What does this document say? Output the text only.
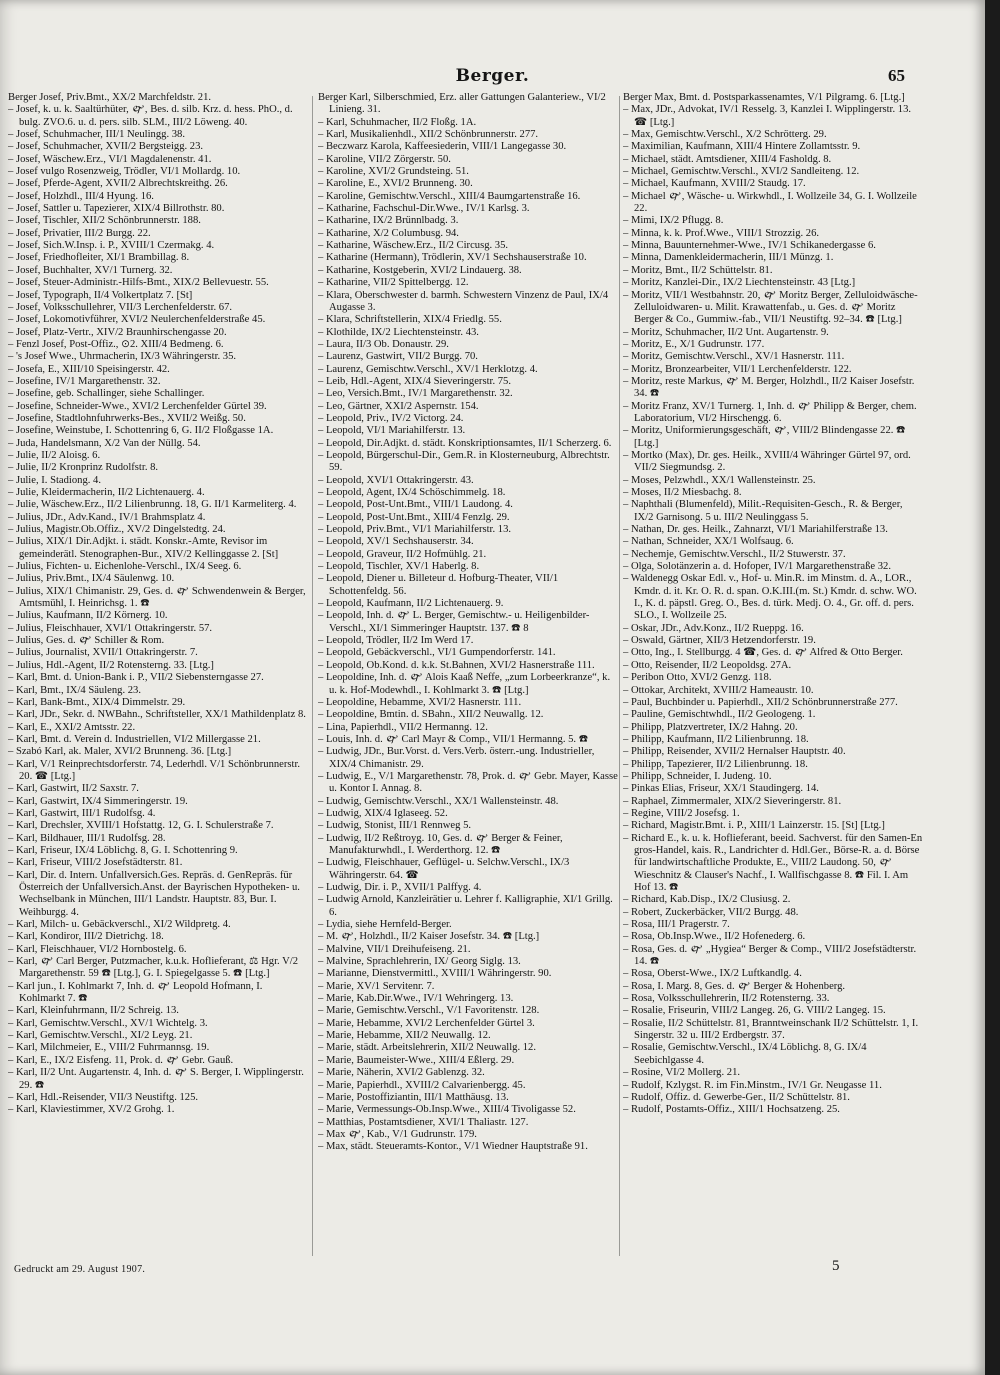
Berger.	65
Berger Josef, Priv.Bmt., XX/2 Marchfeldstr. 21.
– Josef, k. u. k. Saaltürhüter, 🙰, Bes. d. silb. Krz. d. hess. PhO., d. bulg. ZVO.6. u. d. pers. silb. SLM., III/2 Löweng. 40.
– Josef, Schuhmacher, III/1 Neulingg. 38.
– Josef, Schuhmacher, XVII/2 Bergsteigg. 23.
– Josef, Wäschew.Erz., VI/1 Magdalenenstr. 41.
– Josef vulgo Rosenzweig, Trödler, VI/1 Mollardg. 10.
– Josef, Pferde-Agent, XVII/2 Albrechtskreithg. 26.
– Josef, Holzhdl., III/4 Hyung. 16.
– Josef, Sattler u. Tapezierer, XIX/4 Billrothstr. 80.
– Josef, Tischler, XII/2 Schönbrunnerstr. 188.
– Josef, Privatier, III/2 Burgg. 22.
– Josef, Sich.W.Insp. i. P., XVIII/1 Czermakg. 4.
– Josef, Friedhofleiter, XI/1 Brambillag. 8.
– Josef, Buchhalter, XV/1 Turnerg. 32.
– Josef, Steuer-Administr.-Hilfs-Bmt., XIX/2 Bellevuestr. 55.
– Josef, Typograph, II/4 Volkertplatz 7. [St]
– Josef, Volksschullehrer, VII/3 Lerchenfelderstr. 67.
– Josef, Lokomotivführer, XVI/2 Neulerchenfelderstraße 45.
– Josef, Platz-Vertr., XIV/2 Braunhirschengasse 20.
– Fenzl Josef, Post-Offiz., ⊙2. XIII/4 Bedmeng. 6.
– 's Josef Wwe., Uhrmacherin, IX/3 Währingerstr. 35.
– Josefa, E., XIII/10 Speisingerstr. 42.
– Josefine, IV/1 Margarethenstr. 32.
– Josefine, geb. Schallinger, siehe Schallinger.
– Josefine, Schneider-Wwe., XVI/2 Lerchenfelder Gürtel 39.
– Josefine, Stadtlohnfuhrwerks-Bes., XVII/2 Weißg. 50.
– Josefine, Weinstube, I. Schottenring 6, G. II/2 Floßgasse 1A.
– Juda, Handelsmann, X/2 Van der Nüllg. 54.
– Julie, II/2 Aloisg. 6.
– Julie, II/2 Kronprinz Rudolfstr. 8.
– Julie, I. Stadiong. 4.
– Julie, Kleidermacherin, II/2 Lichtenauerg. 4.
– Julie, Wäschew.Erz., II/2 Lilienbrunng. 18, G. II/1 Karmeliterg. 4.
– Julius, JDr., Adv.Kand., IV/1 Brahmsplatz 4.
– Julius, Magistr.Ob.Offiz., XV/2 Dingelstedtg. 24.
– Julius, XIX/1 Dir.Adjkt. i. städt. Konskr.-Amte, Revisor im gemeinderätl. Stenographen-Bur., XIV/2 Kellinggasse 2. [St]
– Julius, Fichten- u. Eichenlohe-Verschl., IX/4 Seeg. 6.
– Julius, Priv.Bmt., IX/4 Säulenwg. 10.
– Julius, XIX/1 Chimanistr. 29, Ges. d. 🙰 Schwendenwein & Berger, Amtsmühl, I. Heinrichsg. 1. ☎
– Julius, Kaufmann, II/2 Körnerg. 10.
– Julius, Fleischhauer, XVI/1 Ottakringerstr. 57.
– Julius, Ges. d. 🙰 Schiller & Rom.
– Julius, Journalist, XVII/1 Ottakringerstr. 7.
– Julius, Hdl.-Agent, II/2 Rotensterng. 33. [Ltg.]
– Karl, Bmt. d. Union-Bank i. P., VII/2 Siebensterngasse 27.
– Karl, Bmt., IX/4 Säuleng. 23.
– Karl, Bank-Bmt., XIX/4 Dimmelstr. 29.
– Karl, JDr., Sekr. d. NWBahn., Schriftsteller, XX/1 Mathildenplatz 8.
– Karl, E., XXI/2 Amtsstr. 22.
– Karl, Bmt. d. Verein d. Industriellen, VI/2 Millergasse 21.
– Szabó Karl, ak. Maler, XVI/2 Brunneng. 36. [Ltg.]
– Karl, V/1 Reinprechtsdorferstr. 74, Lederhdl. V/1 Schönbrunnerstr. 20. ☎ [Ltg.]
– Karl, Gastwirt, II/2 Saxstr. 7.
– Karl, Gastwirt, IX/4 Simmeringerstr. 19.
– Karl, Gastwirt, III/1 Rudolfsg. 4.
– Karl, Drechsler, XVIII/1 Hofstattg. 12, G. I. Schulerstraße 7.
– Karl, Bildhauer, III/1 Rudolfsg. 28.
– Karl, Friseur, IX/4 Löblichg. 8, G. I. Schottenring 9.
– Karl, Friseur, VIII/2 Josefstädterstr. 81.
– Karl, Dir. d. Intern. Unfallversich.Ges. Repräs. d. GenRepräs. für Österreich der Unfallversich.Anst. der Bayrischen Hypotheken- u. Wechselbank in München, III/1 Landstr. Hauptstr. 83, Bur. I. Weihburgg. 4.
– Karl, Milch- u. Gebäckverschl., XI/2 Wildpretg. 4.
– Karl, Kondiror, III/2 Dietrichg. 18.
– Karl, Fleischhauer, VI/2 Hornbostelg. 6.
– Karl, 🙰 Carl Berger, Putzmacher, k.u.k. Hoflieferant, ⚖ Hgr. V/2 Margarethenstr. 59 ☎ [Ltg.], G. I. Spiegelgasse 5. ☎ [Ltg.]
– Karl jun., I. Kohlmarkt 7, Inh. d. 🙰 Leopold Hofmann, I. Kohlmarkt 7. ☎
– Karl, Kleinfuhrmann, II/2 Schreig. 13.
– Karl, Gemischtw.Verschl., XV/1 Wichtelg. 3.
– Karl, Gemischtw.Verschl., XI/2 Leyg. 21.
– Karl, Milchmeier, E., VIII/2 Fuhrmannsg. 19.
– Karl, E., IX/2 Eisfeng. 11, Prok. d. 🙰 Gebr. Gauß.
– Karl, II/2 Unt. Augartenstr. 4, Inh. d. 🙰 S. Berger, I. Wipplingerstr. 29. ☎
– Karl, Hdl.-Reisender, VII/3 Neustiftg. 125.
– Karl, Klaviestimmer, XV/2 Grohg. 1.
Berger Karl, Silberschmied, Erz. aller Gattungen Galanteriew., VI/2 Linieng. 31.
– Karl, Schuhmacher, II/2 Floßg. 1A.
– Karl, Musikalienhdl., XII/2 Schönbrunnerstr. 277.
– Beczwarz Karola, Kaffeesiederin, VIII/1 Langegasse 30.
– Karoline, VII/2 Zörgerstr. 50.
– Karoline, XVI/2 Grundsteing. 51.
– Karoline, E., XVI/2 Brunneng. 30.
– Karoline, Gemischtw.Verschl., XIII/4 Baumgartenstraße 16.
– Katharine, Fachschul-Dir.Wwe., IV/1 Karlsg. 3.
– Katharine, IX/2 Brünnlbadg. 3.
– Katharine, X/2 Columbusg. 94.
– Katharine, Wäschew.Erz., II/2 Circusg. 35.
– Katharine (Hermann), Trödlerin, XV/1 Sechshauserstraße 10.
– Katharine, Kostgeberin, XVI/2 Lindauerg. 38.
– Katharine, VII/2 Spittelbergg. 12.
– Klara, Oberschwester d. barmh. Schwestern Vinzenz de Paul, IX/4 Augasse 3.
– Klara, Schriftstellerin, XIX/4 Friedlg. 55.
– Klothilde, IX/2 Liechtensteinstr. 43.
– Laura, II/3 Ob. Donaustr. 29.
– Laurenz, Gastwirt, VII/2 Burgg. 70.
– Laurenz, Gemischtw.Verschl., XV/1 Herklotzg. 4.
– Leib, Hdl.-Agent, XIX/4 Sieveringerstr. 75.
– Leo, Versich.Bmt., IV/1 Margarethenstr. 32.
– Leo, Gärtner, XXI/2 Aspernstr. 154.
– Leopold, Priv., IV/2 Victorg. 24.
– Leopold, VI/1 Mariahilferstr. 13.
– Leopold, Dir.Adjkt. d. städt. Konskriptionsamtes, II/1 Scherzerg. 6.
– Leopold, Bürgerschul-Dir., Gem.R. in Klosterneuburg, Albrechtstr. 59.
– Leopold, XVI/1 Ottakringerstr. 43.
– Leopold, Agent, IX/4 Schöschimmelg. 18.
– Leopold, Post-Unt.Bmt., VIII/1 Laudong. 4.
– Leopold, Post-Unt.Bmt., XIII/4 Fenzlg. 29.
– Leopold, Priv.Bmt., VI/1 Mariahilferstr. 13.
– Leopold, XV/1 Sechshauserstr. 34.
– Leopold, Graveur, II/2 Hofmühlg. 21.
– Leopold, Tischler, XV/1 Haberlg. 8.
– Leopold, Diener u. Billeteur d. Hofburg-Theater, VII/1 Schottenfeldg. 56.
– Leopold, Kaufmann, II/2 Lichtenauerg. 9.
– Leopold, Inh. d. 🙰 L. Berger, Gemischtw.- u. Heiligenbilder-Verschl., XI/1 Simmeringer Hauptstr. 137. ☎ 8
– Leopold, Trödler, II/2 Im Werd 17.
– Leopold, Gebäckverschl., VI/1 Gumpendorferstr. 141.
– Leopold, Ob.Kond. d. k.k. St.Bahnen, XVI/2 Hasnerstraße 111.
– Leopoldine, Inh. d. 🙰 Alois Kaaß Neffe, „zum Lorbeerkranze“, k. u. k. Hof-Modewhdl., I. Kohlmarkt 3. ☎ [Ltg.]
– Leopoldine, Hebamme, XVI/2 Hasnerstr. 111.
– Leopoldine, Bmtin. d. SBahn., XII/2 Neuwallg. 12.
– Lina, Papierhdl., VII/2 Hermanng. 12.
– Louis, Inh. d. 🙰 Carl Mayr & Comp., VII/1 Hermanng. 5. ☎
– Ludwig, JDr., Bur.Vorst. d. Vers.Verb. österr.-ung. Industrieller, XIX/4 Chimanistr. 29.
– Ludwig, E., V/1 Margarethenstr. 78, Prok. d. 🙰 Gebr. Mayer, Kasse u. Kontor I. Annag. 8.
– Ludwig, Gemischtw.Verschl., XX/1 Wallensteinstr. 48.
– Ludwig, XIX/4 Iglaseeg. 52.
– Ludwig, Stonist, III/1 Rennweg 5.
– Ludwig, II/2 Reßtroyg. 10, Ges. d. 🙰 Berger & Feiner, Manufakturwhdl., I. Werderthorg. 12. ☎
– Ludwig, Fleischhauer, Geflügel- u. Selchw.Verschl., IX/3 Währingerstr. 64. ☎
– Ludwig, Dir. i. P., XVII/1 Palffyg. 4.
– Ludwig Arnold, Kanzleirätier u. Lehrer f. Kalligraphie, XI/1 Grillg. 6.
– Lydia, siehe Hernfeld-Berger.
– M. 🙰, Holzhdl., II/2 Kaiser Josefstr. 34. ☎ [Ltg.]
– Malvine, VII/1 Dreihufeiseng. 21.
– Malvine, Sprachlehrerin, IX/ Georg Siglg. 13.
– Marianne, Dienstvermittl., XVIII/1 Währingerstr. 90.
– Marie, XV/1 Servitenг. 7.
– Marie, Kab.Dir.Wwe., IV/1 Wehringerg. 13.
– Marie, Gemischtw.Verschl., V/1 Favoritenstr. 128.
– Marie, Hebamme, XVI/2 Lerchenfelder Gürtel 3.
– Marie, Hebamme, XII/2 Neuwallg. 12.
– Marie, städt. Arbeitslehrerin, XII/2 Neuwallg. 12.
– Marie, Baumeister-Wwe., XIII/4 Eßlerg. 29.
– Marie, Näherin, XVI/2 Gablenzg. 32.
– Marie, Papierhdl., XVIII/2 Calvarienbergg. 45.
– Marie, Postoffiziantin, III/1 Matthäusg. 13.
– Marie, Vermessungs-Ob.Insp.Wwe., XIII/4 Tivoligasse 52.
– Matthias, Postamtsdiener, XVI/1 Thaliastr. 127.
– Max 🙰, Kab., V/1 Gudrunstr. 179.
– Max, städt. Steueramts-Kontor., V/1 Wiedner Hauptstraße 91.
Berger Max, Bmt. d. Postsparkassenamtes, V/1 Pilgramg. 6. [Ltg.]
– Max, JDr., Advokat, IV/1 Resselg. 3, Kanzlei I. Wipplingerstr. 13. ☎ [Ltg.]
– Max, Gemischtw.Verschl., X/2 Schrötterg. 29.
– Maximilian, Kaufmann, XIII/4 Hintere Zollamtsstr. 9.
– Michael, städt. Amtsdiener, XIII/4 Fasholdg. 8.
– Michael, Gemischtw.Verschl., XVI/2 Sandleiteng. 12.
– Michael, Kaufmann, XVIII/2 Staudg. 17.
– Michael 🙰, Wäsche- u. Wirkwhdl., I. Wollzeile 34, G. I. Wollzeile 22.
– Mimi, IX/2 Pflugg. 8.
– Minna, k. k. Prof.Wwe., VIII/1 Strozzig. 26.
– Minna, Bauunternehmer-Wwe., IV/1 Schikanedergasse 6.
– Minna, Damenkleidermacherin, III/1 Münzg. 1.
– Moritz, Bmt., II/2 Schüttelstr. 81.
– Moritz, Kanzlei-Dir., IX/2 Liechtensteinstr. 43 [Ltg.]
– Moritz, VII/1 Westbahnstr. 20, 🙰 Moritz Berger, Zelluloidwäsche- Zelluloidwaren- u. Milit. Krawattenfab., u. Ges. d. 🙰 Moritz Berger & Co., Gummiw.-fab., VII/1 Neustiftg. 92–34. ☎ [Ltg.]
– Moritz, Schuhmacher, II/2 Unt. Augartenstr. 9.
– Moritz, E., X/1 Gudrunstr. 177.
– Moritz, Gemischtw.Verschl., XV/1 Hasnerstr. 111.
– Moritz, Bronzearbeiter, VII/1 Lerchenfelderstr. 122.
– Moritz, reste Markus, 🙰 M. Berger, Holzhdl., II/2 Kaiser Josefstr. 34. ☎
– Moritz Franz, XV/1 Turnerg. 1, Inh. d. 🙰 Philipp & Berger, chem. Laboratorium, VI/2 Hirschengg. 6.
– Moritz, Uniformierungsgeschäft, 🙰, VIII/2 Blindengasse 22. ☎ [Ltg.]
– Mortko (Max), Dr. ges. Heilk., XVIII/4 Währinger Gürtel 97, ord. VII/2 Siegmundsg. 2.
– Moses, Pelzwhdl., XX/1 Wallensteinstr. 25.
– Moses, II/2 Miesbachg. 8.
– Naphthali (Blumenfeld), Milit.-Requisiten-Gesch., R. & Berger, IX/2 Garnisong. 5 u. III/2 Neulinggass 5.
– Nathan, Dr. ges. Heilk., Zahnarzt, VI/1 Mariahilferstraße 13.
– Nathan, Schneider, XX/1 Wolfsaug. 6.
– Nechemje, Gemischtw.Verschl., II/2 Stuwerstr. 37.
– Olga, Solotänzerin a. d. Hofoper, IV/1 Margarethenstraße 32.
– Waldenegg Oskar Edl. v., Hof- u. Min.R. im Minstm. d. A., LOR., Kmdr. d. it. Kr. O. R. d. span. O.K.III.(m. St.) Kmdr. d. schw. WO. I., K. d. päpstl. Greg. O., Bes. d. türk. Medj. O. 4., Gr. off. d. pers. SLO., I. Wollzeile 25.
– Oskar, JDr., Adv.Konz., II/2 Rueppg. 16.
– Oswald, Gärtner, XII/3 Hetzendorferstr. 19.
– Otto, Ing., I. Stellburgg. 4 ☎, Ges. d. 🙰 Alfred & Otto Berger.
– Otto, Reisender, II/2 Leopoldsg. 27A.
– Peribon Otto, XVI/2 Genzg. 118.
– Ottokar, Architekt, XVIII/2 Hameaustr. 10.
– Paul, Buchbinder u. Papierhdl., XII/2 Schönbrunnerstraße 277.
– Pauline, Gemischtwhdl., II/2 Geologeng. 1.
– Philipp, Platzvertreter, IX/2 Hahng. 20.
– Philipp, Kaufmann, II/2 Lilienbrunng. 18.
– Philipp, Reisender, XVII/2 Hernalser Hauptstr. 40.
– Philipp, Tapezierer, II/2 Lilienbrunng. 18.
– Philipp, Schneider, I. Judeng. 10.
– Pinkas Elias, Friseur, XX/1 Staudingerg. 14.
– Raphael, Zimmermaler, XIX/2 Sieveringerstr. 81.
– Regine, VIII/2 Josefsg. 1.
– Richard, Magistr.Bmt. i. P., XIII/1 Lainzerstr. 15. [St] [Ltg.]
– Richard E., k. u. k. Hoflieferant, beeid. Sachverst. für den Samen-En gros-Handel, kais. R., Landrichter d. Hdl.Ger., Börse-R. a. d. Börse für landwirtschaftliche Produkte, E., VIII/2 Laudong. 50, 🙰 Wieschnitz & Clauser's Nachf., I. Wallfischgasse 8. ☎ Fil. I. Am Hof 13. ☎
– Richard, Kab.Disp., IX/2 Clusiusg. 2.
– Robert, Zuckerbäcker, VII/2 Burgg. 48.
– Rosa, III/1 Pragerstr. 7.
– Rosa, Ob.Insp.Wwe., II/2 Hofenederg. 6.
– Rosa, Ges. d. 🙰 „Hygiea“ Berger & Comp., VIII/2 Josefstädterstr. 14. ☎
– Rosa, Oberst-Wwe., IX/2 Luftkandlg. 4.
– Rosa, I. Marg. 8, Ges. d. 🙰 Berger & Hohenberg.
– Rosa, Volksschullehrerin, II/2 Rotensterng. 33.
– Rosalie, Friseurin, VIII/2 Langeg. 26, G. VIII/2 Langeg. 15.
– Rosalie, II/2 Schüttelstr. 81, Branntweinschank II/2 Schüttelstr. 1, I. Singerstr. 32 u. III/2 Erdbergstr. 37.
– Rosalie, Gemischtw.Verschl., IX/4 Löblichg. 8, G. IX/4 Seebichlgasse 4.
– Rosine, VI/2 Mollerg. 21.
– Rudolf, Kzlygst. R. im Fin.Minstm., IV/1 Gr. Neugasse 11.
– Rudolf, Offiz. d. Gewerbe-Ger., II/2 Schüttelstr. 81.
– Rudolf, Postamts-Offiz., XIII/1 Hochsatzeng. 25.
Gedruckt am 29. August 1907.	5
